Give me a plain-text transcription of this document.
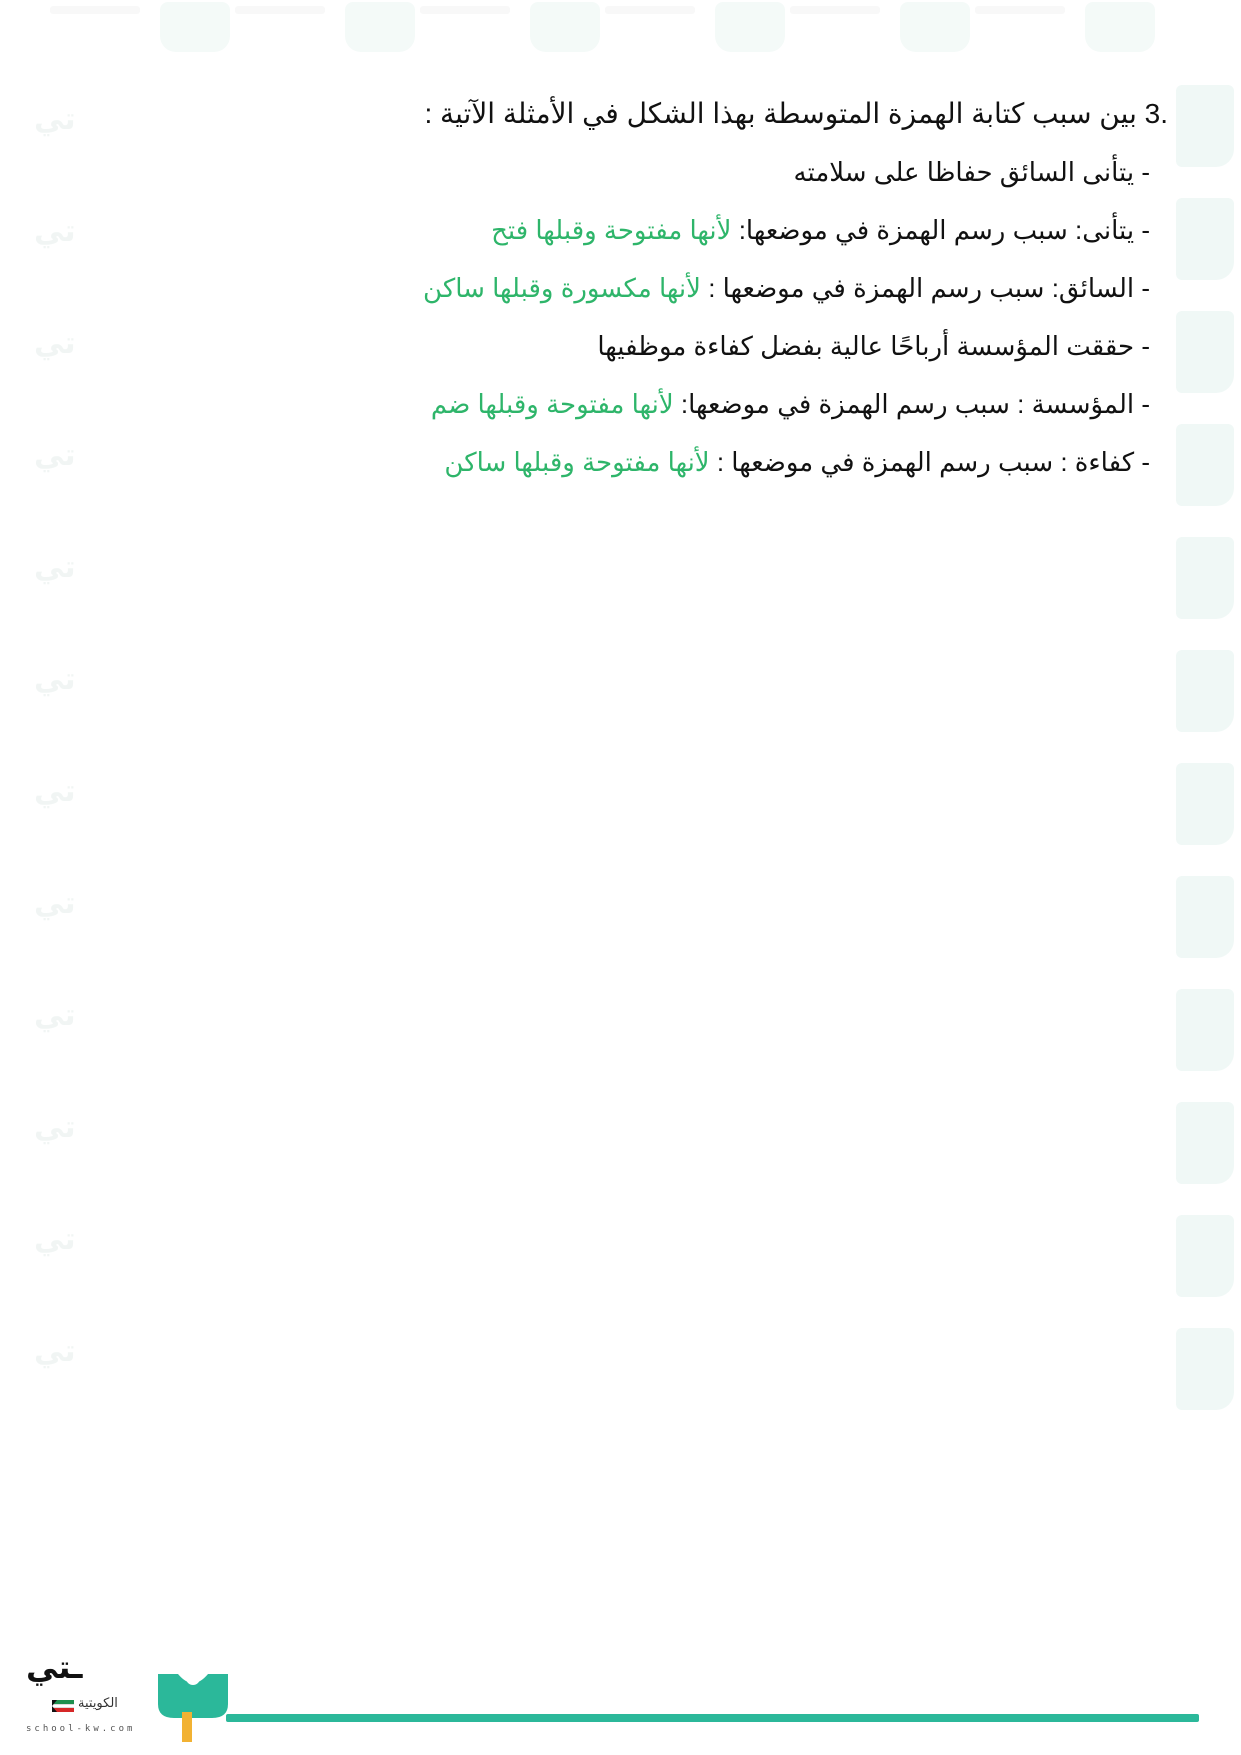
تي
تي
تي
تي
تي
تي
تي
تي
تي
تي
تي
تي
3. بين سبب كتابة الهمزة المتوسطة بهذا الشكل في الأمثلة الآتية :
- يتأنى السائق حفاظا على سلامته
- يتأنى: سبب رسم الهمزة في موضعها: لأنها مفتوحة وقبلها فتح
- السائق: سبب رسم الهمزة في موضعها : لأنها مكسورة وقبلها ساكن
- حققت المؤسسة أرباحًا عالية بفضل كفاءة موظفيها
- المؤسسة : سبب رسم الهمزة في موضعها: لأنها مفتوحة وقبلها ضم
- كفاءة : سبب رسم الهمزة في موضعها : لأنها مفتوحة وقبلها ساكن
ـتي
الكويتية
school-kw.com
